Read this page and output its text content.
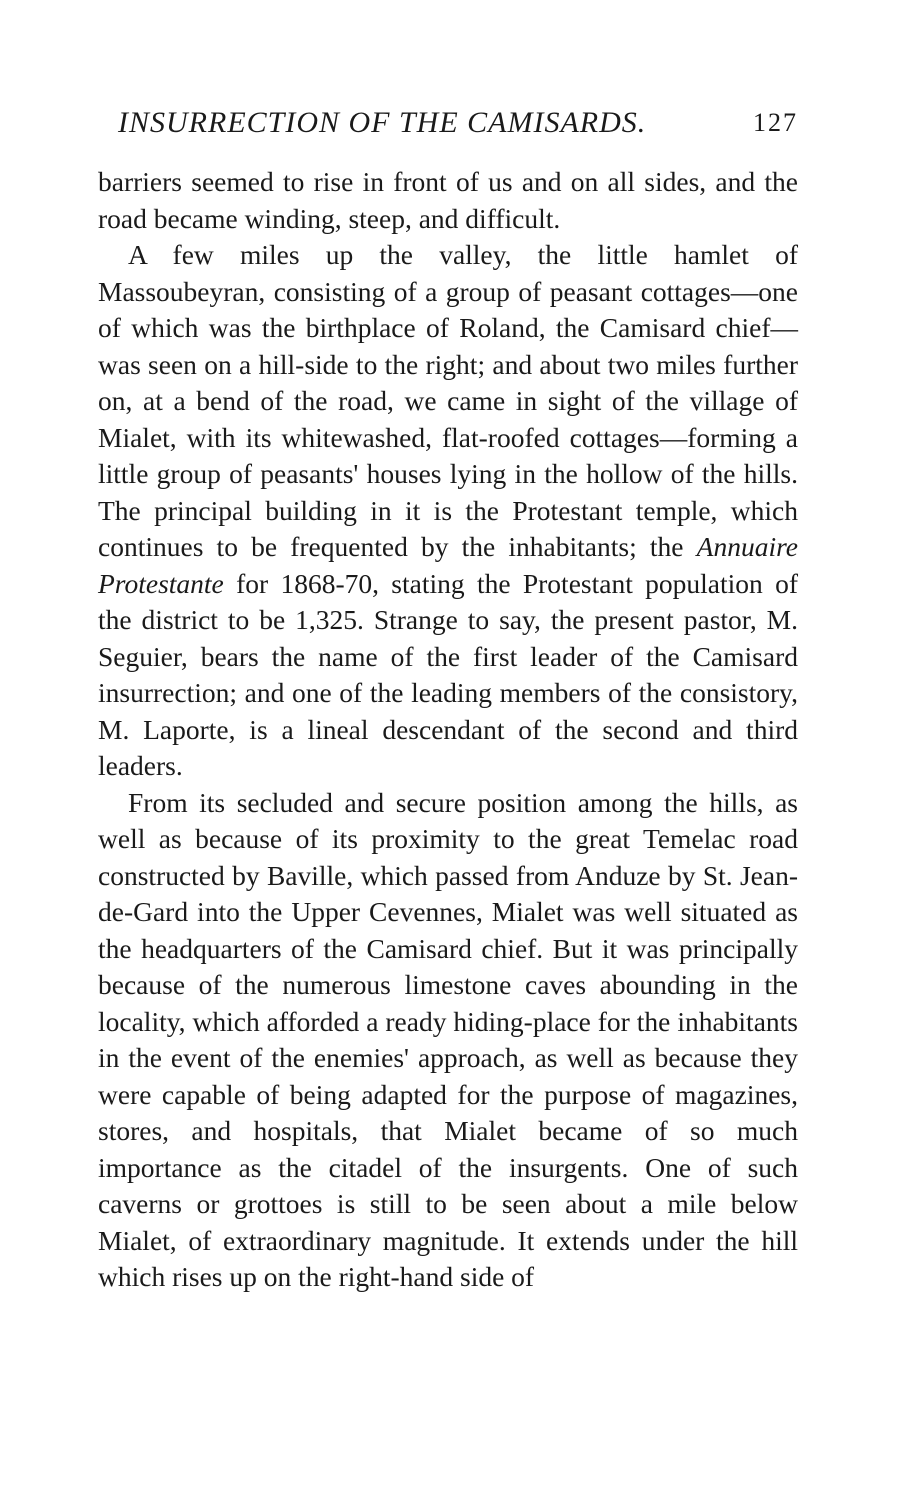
INSURRECTION OF THE CAMISARDS.	127

barriers seemed to rise in front of us and on all sides, and the road became winding, steep, and difficult.

A few miles up the valley, the little hamlet of Massoubeyran, consisting of a group of peasant cottages—one of which was the birthplace of Roland, the Camisard chief—was seen on a hill-side to the right; and about two miles further on, at a bend of the road, we came in sight of the village of Mialet, with its whitewashed, flat-roofed cottages—forming a little group of peasants' houses lying in the hollow of the hills. The principal building in it is the Protestant temple, which continues to be frequented by the inhabitants; the Annuaire Protestante for 1868-70, stating the Protestant population of the district to be 1,325. Strange to say, the present pastor, M. Seguier, bears the name of the first leader of the Camisard insurrection; and one of the leading members of the consistory, M. Laporte, is a lineal descendant of the second and third leaders.

From its secluded and secure position among the hills, as well as because of its proximity to the great Temelac road constructed by Baville, which passed from Anduze by St. Jean-de-Gard into the Upper Cevennes, Mialet was well situated as the headquarters of the Camisard chief. But it was principally because of the numerous limestone caves abounding in the locality, which afforded a ready hiding-place for the inhabitants in the event of the enemies' approach, as well as because they were capable of being adapted for the purpose of magazines, stores, and hospitals, that Mialet became of so much importance as the citadel of the insurgents. One of such caverns or grottoes is still to be seen about a mile below Mialet, of extraordinary magnitude. It extends under the hill which rises up on the right-hand side of
